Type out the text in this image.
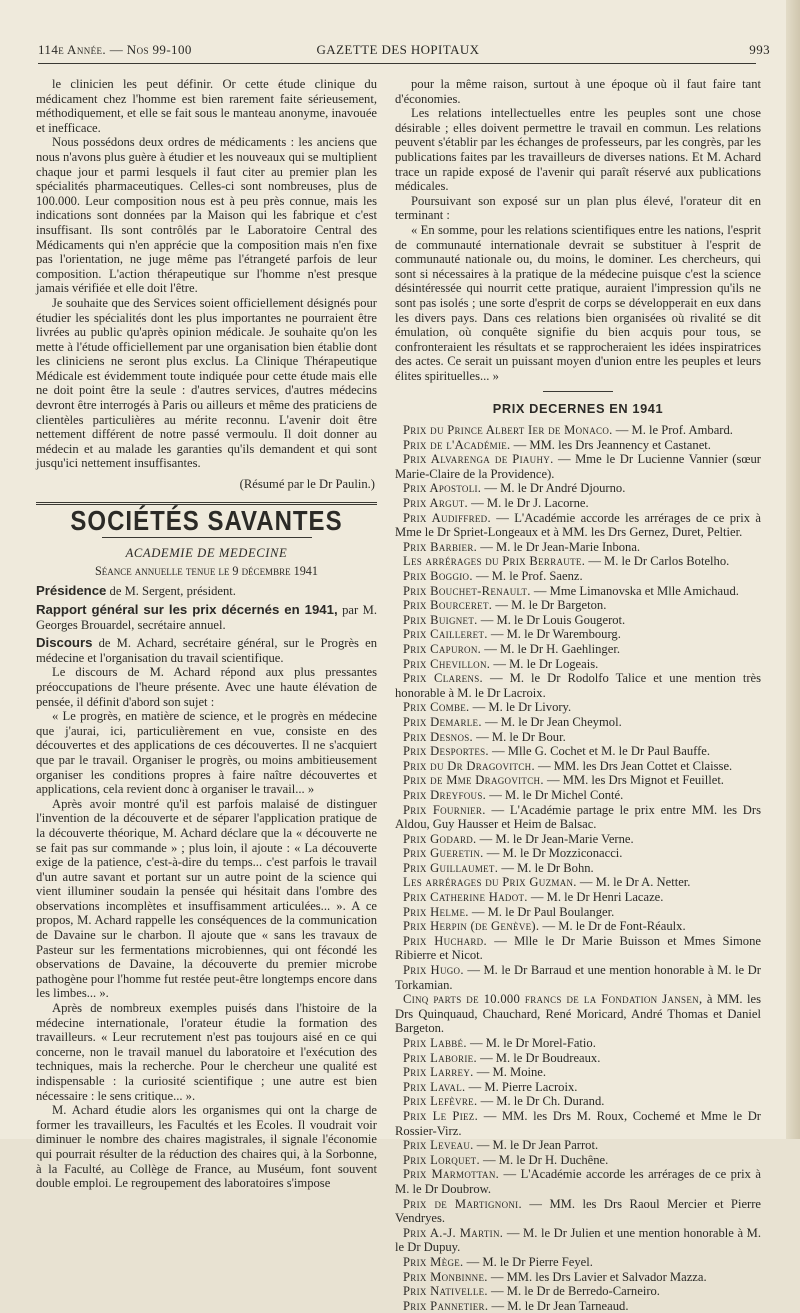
114e Année. — Nos 99-100	GAZETTE DES HOPITAUX	993

le clinicien les peut définir. Or cette étude clinique du médicament chez l'homme est bien rarement faite sérieusement, méthodiquement, et elle se fait sous le manteau anonyme, inavouée et inefficace.

Nous possédons deux ordres de médicaments : les anciens que nous n'avons plus guère à étudier et les nouveaux qui se multiplient chaque jour et parmi lesquels il faut citer au premier plan les spécialités pharmaceutiques. Celles-ci sont nombreuses, plus de 100.000. Leur composition nous est à peu près connue, mais les indications sont données par la Maison qui les fabrique et c'est insuffisant. Ils sont contrôlés par le Laboratoire Central des Médicaments qui n'en apprécie que la composition mais n'en fixe pas l'orientation, ne juge même pas l'étrangeté parfois de leur composition. L'action thérapeutique sur l'homme n'est presque jamais vérifiée et elle doit l'être.

Je souhaite que des Services soient officiellement désignés pour étudier les spécialités dont les plus importantes ne pourraient être livrées au public qu'après opinion médicale. Je souhaite qu'on les mette à l'étude officiellement par une organisation bien établie dont les cliniciens ne seront plus exclus. La Clinique Thérapeutique Médicale est évidemment toute indiquée pour cette étude mais elle ne doit point être la seule : d'autres services, d'autres médecins devront être interrogés à Paris ou ailleurs et même des praticiens de clientèles particulières au mérite reconnu. L'avenir doit être nettement différent de notre passé vermoulu. Il doit donner au médecin et au malade les garanties qu'ils demandent et qui sont jusqu'ici nettement insuffisantes.

(Résumé par le Dr Paulin.)

SOCIÉTÉS SAVANTES

ACADEMIE DE MEDECINE

Séance annuelle tenue le 9 décembre 1941

Présidence de M. Sergent, président.

Rapport général sur les prix décernés en 1941, par M. Georges Brouardel, secrétaire annuel.

Discours de M. Achard, secrétaire général, sur le Progrès en médecine et l'organisation du travail scientifique.

Le discours de M. Achard répond aux plus pressantes préoccupations de l'heure présente. Avec une haute élévation de pensée, il définit d'abord son sujet :

« Le progrès, en matière de science, et le progrès en médecine que j'aurai, ici, particulièrement en vue, consiste en des découvertes et des applications de ces découvertes. Il ne s'acquiert que par le travail. Organiser le progrès, ou moins ambitieusement organiser les conditions propres à faire naître découvertes et applications, cela revient donc à organiser le travail... »

Après avoir montré qu'il est parfois malaisé de distinguer l'invention de la découverte et de séparer l'application pratique de la découverte théorique, M. Achard déclare que la « découverte ne se fait pas sur commande » ; plus loin, il ajoute : « La découverte exige de la patience, c'est-à-dire du temps... c'est parfois le travail d'un autre savant et portant sur un autre point de la science qui vient illuminer soudain la pensée qui hésitait dans l'ombre des observations incomplètes et insuffisamment articulées... ». A ce propos, M. Achard rappelle les conséquences de la communication de Davaine sur le charbon. Il ajoute que « sans les travaux de Pasteur sur les fermentations microbiennes, qui ont fécondé les observations de Davaine, la découverte du premier microbe pathogène pour l'homme fut restée peut-être longtemps encore dans les limbes... ».

Après de nombreux exemples puisés dans l'histoire de la médecine internationale, l'orateur étudie la formation des travailleurs. « Leur recrutement n'est pas toujours aisé en ce qui concerne, non le travail manuel du laboratoire et l'exécution des techniques, mais la recherche. Pour le chercheur une qualité est indispensable : la curiosité scientifique ; une autre est bien nécessaire : le sens critique... ».

M. Achard étudie alors les organismes qui ont la charge de former les travailleurs, les Facultés et les Ecoles. Il voudrait voir diminuer le nombre des chaires magistrales, il signale l'économie qui pourrait résulter de la réduction des chaires qui, à la Sorbonne, à la Faculté, au Collège de France, au Muséum, font souvent double emploi. Le regroupement des laboratoires s'impose

pour la même raison, surtout à une époque où il faut faire tant d'économies.

Les relations intellectuelles entre les peuples sont une chose désirable ; elles doivent permettre le travail en commun. Les relations peuvent s'établir par les échanges de professeurs, par les congrès, par les publications faites par les travailleurs de diverses nations. Et M. Achard trace un rapide exposé de l'avenir qui paraît réservé aux publications médicales.

Poursuivant son exposé sur un plan plus élevé, l'orateur dit en terminant :

« En somme, pour les relations scientifiques entre les nations, l'esprit de communauté internationale devrait se substituer à l'esprit de communauté nationale ou, du moins, le dominer. Les chercheurs, qui sont si nécessaires à la pratique de la médecine puisque c'est la science désintéressée qui nourrit cette pratique, auraient l'impression qu'ils ne sont pas isolés ; une sorte d'esprit de corps se développerait en eux dans les divers pays. Dans ces relations bien organisées où rivalité se dit émulation, où conquête signifie du bien acquis pour tous, se confronteraient les résultats et se rapprocheraient les idées inspiratrices des actes. Ce serait un puissant moyen d'union entre les peuples et leurs élites spirituelles... »

PRIX DECERNES EN 1941

Prix du Prince Albert Ier de Monaco. — M. le Prof. Ambard.

Prix de l'Académie. — MM. les Drs Jeannency et Castanet.

Prix Alvarenga de Piauhy. — Mme le Dr Lucienne Vannier (sœur Marie-Claire de la Providence).

Prix Apostoli. — M. le Dr André Djourno.

Prix Argut. — M. le Dr J. Lacorne.

Prix Audiffred. — L'Académie accorde les arrérages de ce prix à Mme le Dr Spriet-Longeaux et à MM. les Drs Gernez, Duret, Peltier.

Prix Barbier. — M. le Dr Jean-Marie Inbona.

Les arrérages du Prix Berraute. — M. le Dr Carlos Botelho.

Prix Boggio. — M. le Prof. Saenz.

Prix Bouchet-Renault. — Mme Limanovska et Mlle Amichaud.

Prix Bourceret. — M. le Dr Bargeton.

Prix Buignet. — M. le Dr Louis Gougerot.

Prix Cailleret. — M. le Dr Warembourg.

Prix Capuron. — M. le Dr H. Gaehlinger.

Prix Chevillon. — M. le Dr Logeais.

Prix Clarens. — M. le Dr Rodolfo Talice et une mention très honorable à M. le Dr Lacroix.

Prix Combe. — M. le Dr Livory.

Prix Demarle. — M. le Dr Jean Cheymol.

Prix Desnos. — M. le Dr Bour.

Prix Desportes. — Mlle G. Cochet et M. le Dr Paul Bauffe.

Prix du Dr Dragovitch. — MM. les Drs Jean Cottet et Claisse.

Prix de Mme Dragovitch. — MM. les Drs Mignot et Feuillet.

Prix Dreyfous. — M. le Dr Michel Conté.

Prix Fournier. — L'Académie partage le prix entre MM. les Drs Aldou, Guy Hausser et Heim de Balsac.

Prix Godard. — M. le Dr Jean-Marie Verne.

Prix Gueretin. — M. le Dr Mozziconacci.

Prix Guillaumet. — M. le Dr Bohn.

Les arrérages du Prix Guzman. — M. le Dr A. Netter.

Prix Catherine Hadot. — M. le Dr Henri Lacaze.

Prix Helme. — M. le Dr Paul Boulanger.

Prix Herpin (de Genève). — M. le Dr de Font-Réaulx.

Prix Huchard. — Mlle le Dr Marie Buisson et Mmes Simone Ribierre et Nicot.

Prix Hugo. — M. le Dr Barraud et une mention honorable à M. le Dr Torkamian.

Cinq parts de 10.000 francs de la Fondation Jansen, à MM. les Drs Quinquaud, Chauchard, René Moricard, André Thomas et Daniel Bargeton.

Prix Labbé. — M. le Dr Morel-Fatio.

Prix Laborie. — M. le Dr Boudreaux.

Prix Larrey. — M. Moine.

Prix Laval. — M. Pierre Lacroix.

Prix Lefèvre. — M. le Dr Ch. Durand.

Prix Le Piez. — MM. les Drs M. Roux, Cochemé et Mme le Dr Rossier-Virz.

Prix Leveau. — M. le Dr Jean Parrot.

Prix Lorquet. — M. le Dr H. Duchêne.

Prix Marmottan. — L'Académie accorde les arrérages de ce prix à M. le Dr Doubrow.

Prix de Martignoni. — MM. les Drs Raoul Mercier et Pierre Vendryes.

Prix A.-J. Martin. — M. le Dr Julien et une mention honorable à M. le Dr Dupuy.

Prix Mège. — M. le Dr Pierre Feyel.

Prix Monbinne. — MM. les Drs Lavier et Salvador Mazza.

Prix Nativelle. — M. le Dr de Berredo-Carneiro.

Prix Pannetier. — M. le Dr Jean Tarneaud.
